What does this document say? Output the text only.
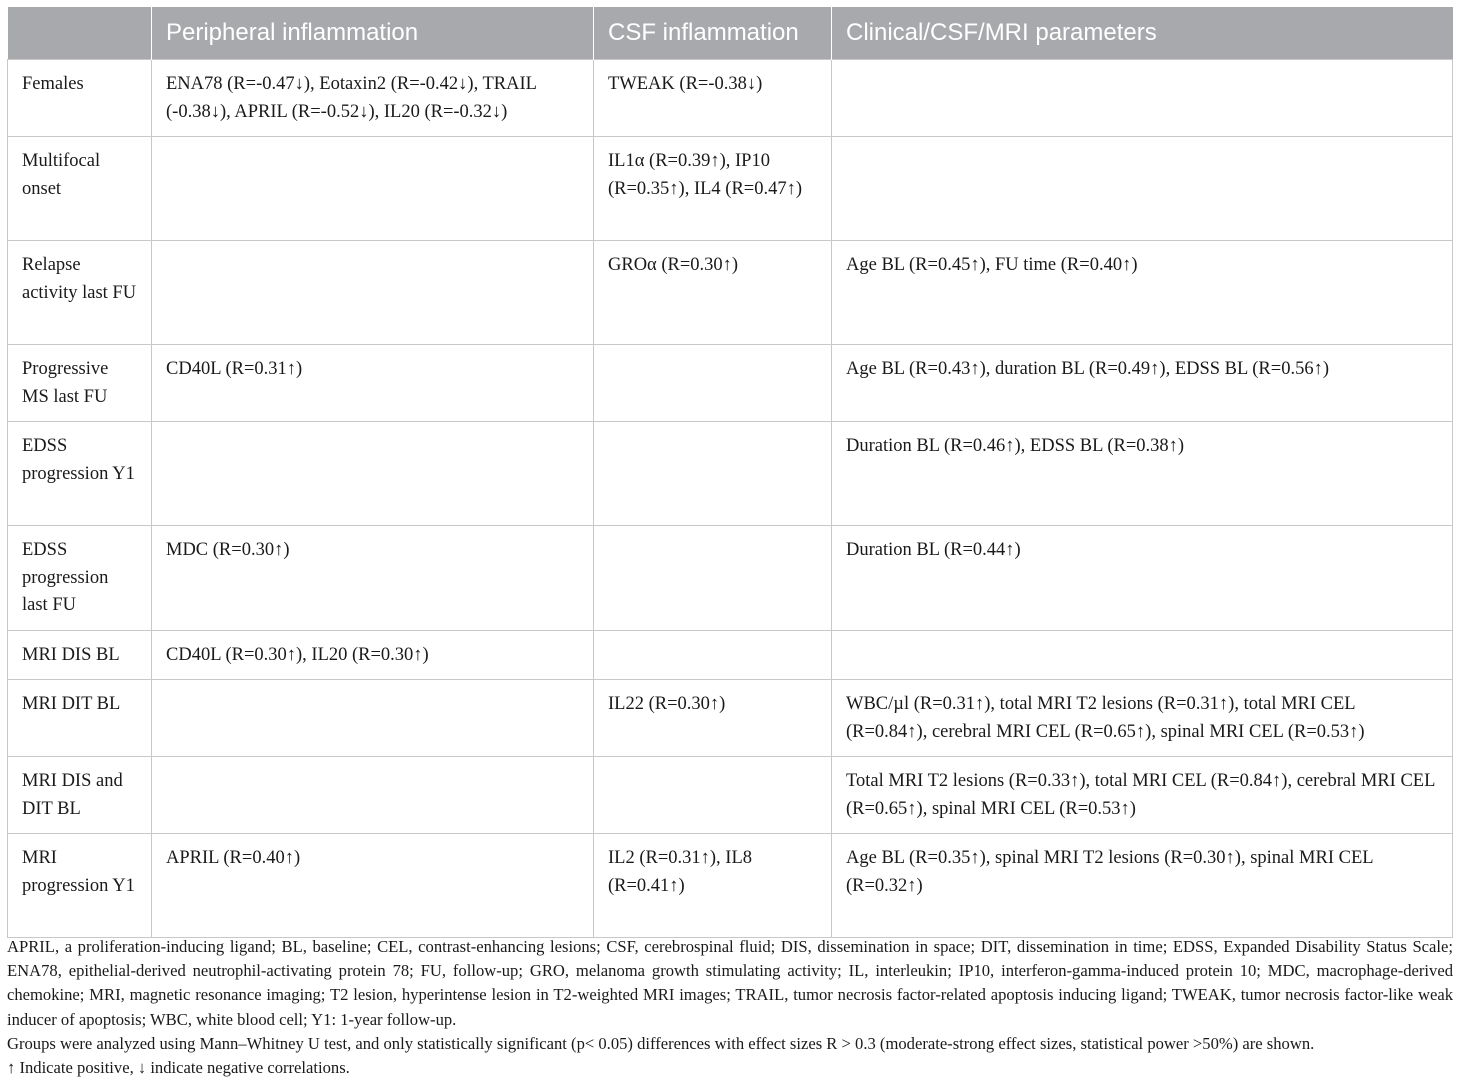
	Peripheral inflammation	CSF inflammation	Clinical/CSF/MRI parameters
Females	ENA78 (R=-0.47↓), Eotaxin2 (R=-0.42↓), TRAIL (-0.38↓), APRIL (R=-0.52↓), IL20 (R=-0.32↓)	TWEAK (R=-0.38↓)	
Multifocal onset		IL1α (R=0.39↑), IP10 (R=0.35↑), IL4 (R=0.47↑)	
Relapse activity last FU		GROα (R=0.30↑)	Age BL (R=0.45↑), FU time (R=0.40↑)
Progressive MS last FU	CD40L (R=0.31↑)		Age BL (R=0.43↑), duration BL (R=0.49↑), EDSS BL (R=0.56↑)
EDSS progression Y1			Duration BL (R=0.46↑), EDSS BL (R=0.38↑)
EDSS progression last FU	MDC (R=0.30↑)		Duration BL (R=0.44↑)
MRI DIS BL	CD40L (R=0.30↑), IL20 (R=0.30↑)		
MRI DIT BL		IL22 (R=0.30↑)	WBC/µl (R=0.31↑), total MRI T2 lesions (R=0.31↑), total MRI CEL (R=0.84↑), cerebral MRI CEL (R=0.65↑), spinal MRI CEL (R=0.53↑)
MRI DIS and DIT BL			Total MRI T2 lesions (R=0.33↑), total MRI CEL (R=0.84↑), cerebral MRI CEL (R=0.65↑), spinal MRI CEL (R=0.53↑)
MRI progression Y1	APRIL (R=0.40↑)	IL2 (R=0.31↑), IL8 (R=0.41↑)	Age BL (R=0.35↑), spinal MRI T2 lesions (R=0.30↑), spinal MRI CEL (R=0.32↑)

APRIL, a proliferation-inducing ligand; BL, baseline; CEL, contrast-enhancing lesions; CSF, cerebrospinal fluid; DIS, dissemination in space; DIT, dissemination in time; EDSS, Expanded Disability Status Scale; ENA78, epithelial-derived neutrophil-activating protein 78; FU, follow-up; GRO, melanoma growth stimulating activity; IL, interleukin; IP10, interferon-gamma-induced protein 10; MDC, macrophage-derived chemokine; MRI, magnetic resonance imaging; T2 lesion, hyperintense lesion in T2-weighted MRI images; TRAIL, tumor necrosis factor-related apoptosis inducing ligand; TWEAK, tumor necrosis factor-like weak inducer of apoptosis; WBC, white blood cell; Y1: 1-year follow-up.

Groups were analyzed using Mann–Whitney U test, and only statistically significant (p< 0.05) differences with effect sizes R > 0.3 (moderate-strong effect sizes, statistical power >50%) are shown.

↑ Indicate positive, ↓ indicate negative correlations.
